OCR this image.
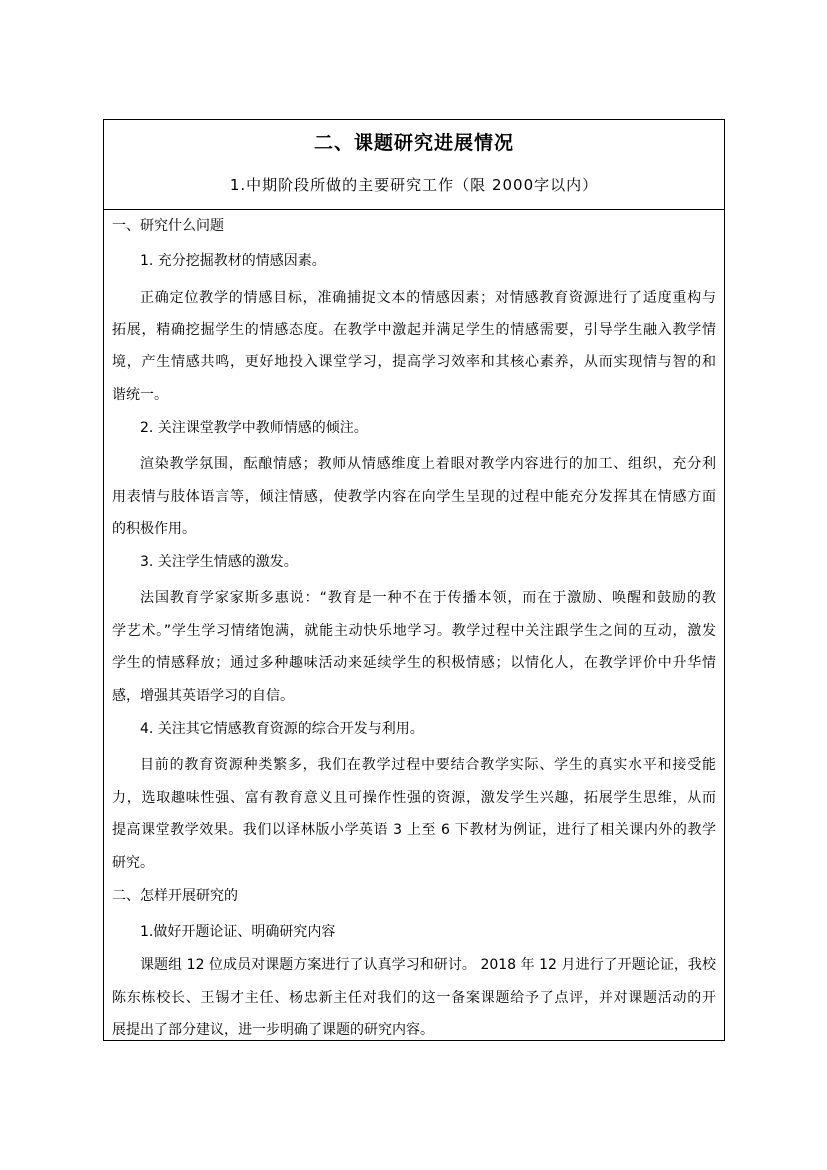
二、课题研究进展情况
1.中期阶段所做的主要研究工作（限 2000字以内）
一、研究什么问题
1. 充分挖掘教材的情感因素。
正确定位教学的情感目标，准确捕捉文本的情感因素；对情感教育资源进行了适度重构与
拓展，精确挖掘学生的情感态度。在教学中激起并满足学生的情感需要，引导学生融入教学情
境，产生情感共鸣，更好地投入课堂学习，提高学习效率和其核心素养，从而实现情与智的和
谐统一。
2. 关注课堂教学中教师情感的倾注。
渲染教学氛围，酝酿情感；教师从情感维度上着眼对教学内容进行的加工、组织，充分利
用表情与肢体语言等，倾注情感，使教学内容在向学生呈现的过程中能充分发挥其在情感方面
的积极作用。
3. 关注学生情感的激发。
法国教育学家家斯多惠说：“教育是一种不在于传播本领，而在于激励、唤醒和鼓励的教
学艺术。”学生学习情绪饱满，就能主动快乐地学习。教学过程中关注跟学生之间的互动，激发
学生的情感释放；通过多种趣味活动来延续学生的积极情感；以情化人，在教学评价中升华情
感，增强其英语学习的自信。
4. 关注其它情感教育资源的综合开发与利用。
目前的教育资源种类繁多，我们在教学过程中要结合教学实际、学生的真实水平和接受能
力，选取趣味性强、富有教育意义且可操作性强的资源，激发学生兴趣，拓展学生思维，从而
提高课堂教学效果。我们以译林版小学英语 3 上至 6 下教材为例证，进行了相关课内外的教学
研究。
二、怎样开展研究的
1.做好开题论证、明确研究内容
课题组 12 位成员对课题方案进行了认真学习和研讨。 2018 年 12 月进行了开题论证，我校
陈东栋校长、王锡才主任、杨忠新主任对我们的这一备案课题给予了点评，并对课题活动的开
展提出了部分建议，进一步明确了课题的研究内容。
